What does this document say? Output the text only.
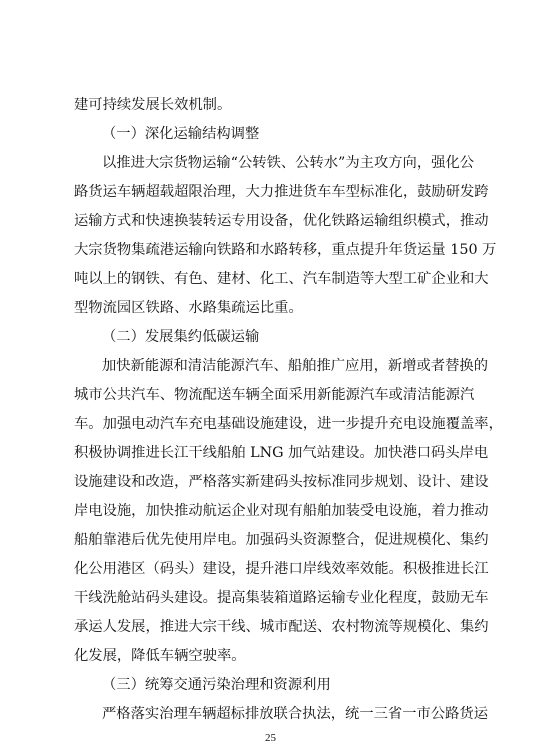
建可持续发展长效机制。
（一）深化运输结构调整
以推进大宗货物运输“公转铁、公转水”为主攻方向，强化公
路货运车辆超载超限治理，大力推进货车车型标准化，鼓励研发跨
运输方式和快速换装转运专用设备，优化铁路运输组织模式，推动
大宗货物集疏港运输向铁路和水路转移，重点提升年货运量 150 万
吨以上的钢铁、有色、建材、化工、汽车制造等大型工矿企业和大
型物流园区铁路、水路集疏运比重。
（二）发展集约低碳运输
加快新能源和清洁能源汽车、船舶推广应用，新增或者替换的
城市公共汽车、物流配送车辆全面采用新能源汽车或清洁能源汽
车。加强电动汽车充电基础设施建设，进一步提升充电设施覆盖率，
积极协调推进长江干线船舶 LNG 加气站建设。加快港口码头岸电
设施建设和改造，严格落实新建码头按标准同步规划、设计、建设
岸电设施，加快推动航运企业对现有船舶加装受电设施，着力推动
船舶靠港后优先使用岸电。加强码头资源整合，促进规模化、集约
化公用港区（码头）建设，提升港口岸线效率效能。积极推进长江
干线洗舱站码头建设。提高集装箱道路运输专业化程度，鼓励无车
承运人发展，推进大宗干线、城市配送、农村物流等规模化、集约
化发展，降低车辆空驶率。
（三）统筹交通污染治理和资源利用
严格落实治理车辆超标排放联合执法，统一三省一市公路货运
25
